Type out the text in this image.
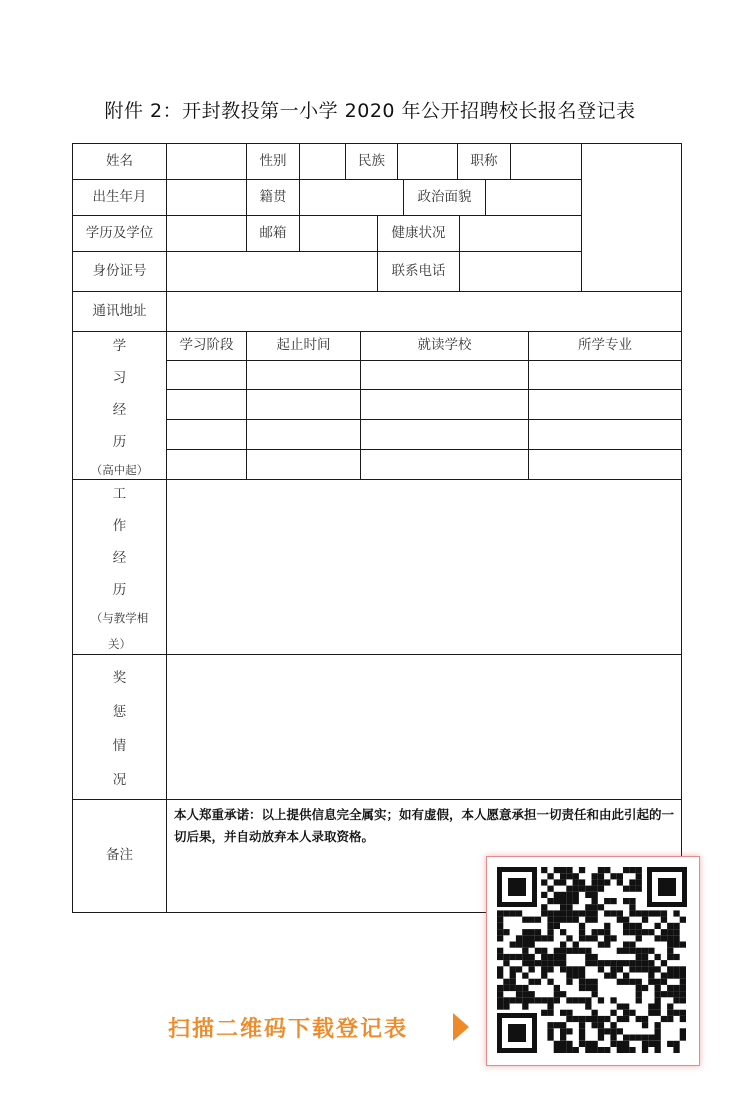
附件 2：开封教投第一小学 2020 年公开招聘校长报名登记表
姓名	性别	民族	职称
出生年月	籍贯	政治面貌
学历及学位	邮箱	健康状况
身份证号	联系电话
通讯地址
学
习
经
历
（高中起）
学习阶段	起止时间	就读学校	所学专业
工
作
经
历
（与教学相
关）
奖
惩
情
况
备注
本人郑重承诺：以上提供信息完全属实；如有虚假，本人愿意承担一切责任和由此引起的一切后果，并自动放弃本人录取资格。
扫描二维码下载登记表
